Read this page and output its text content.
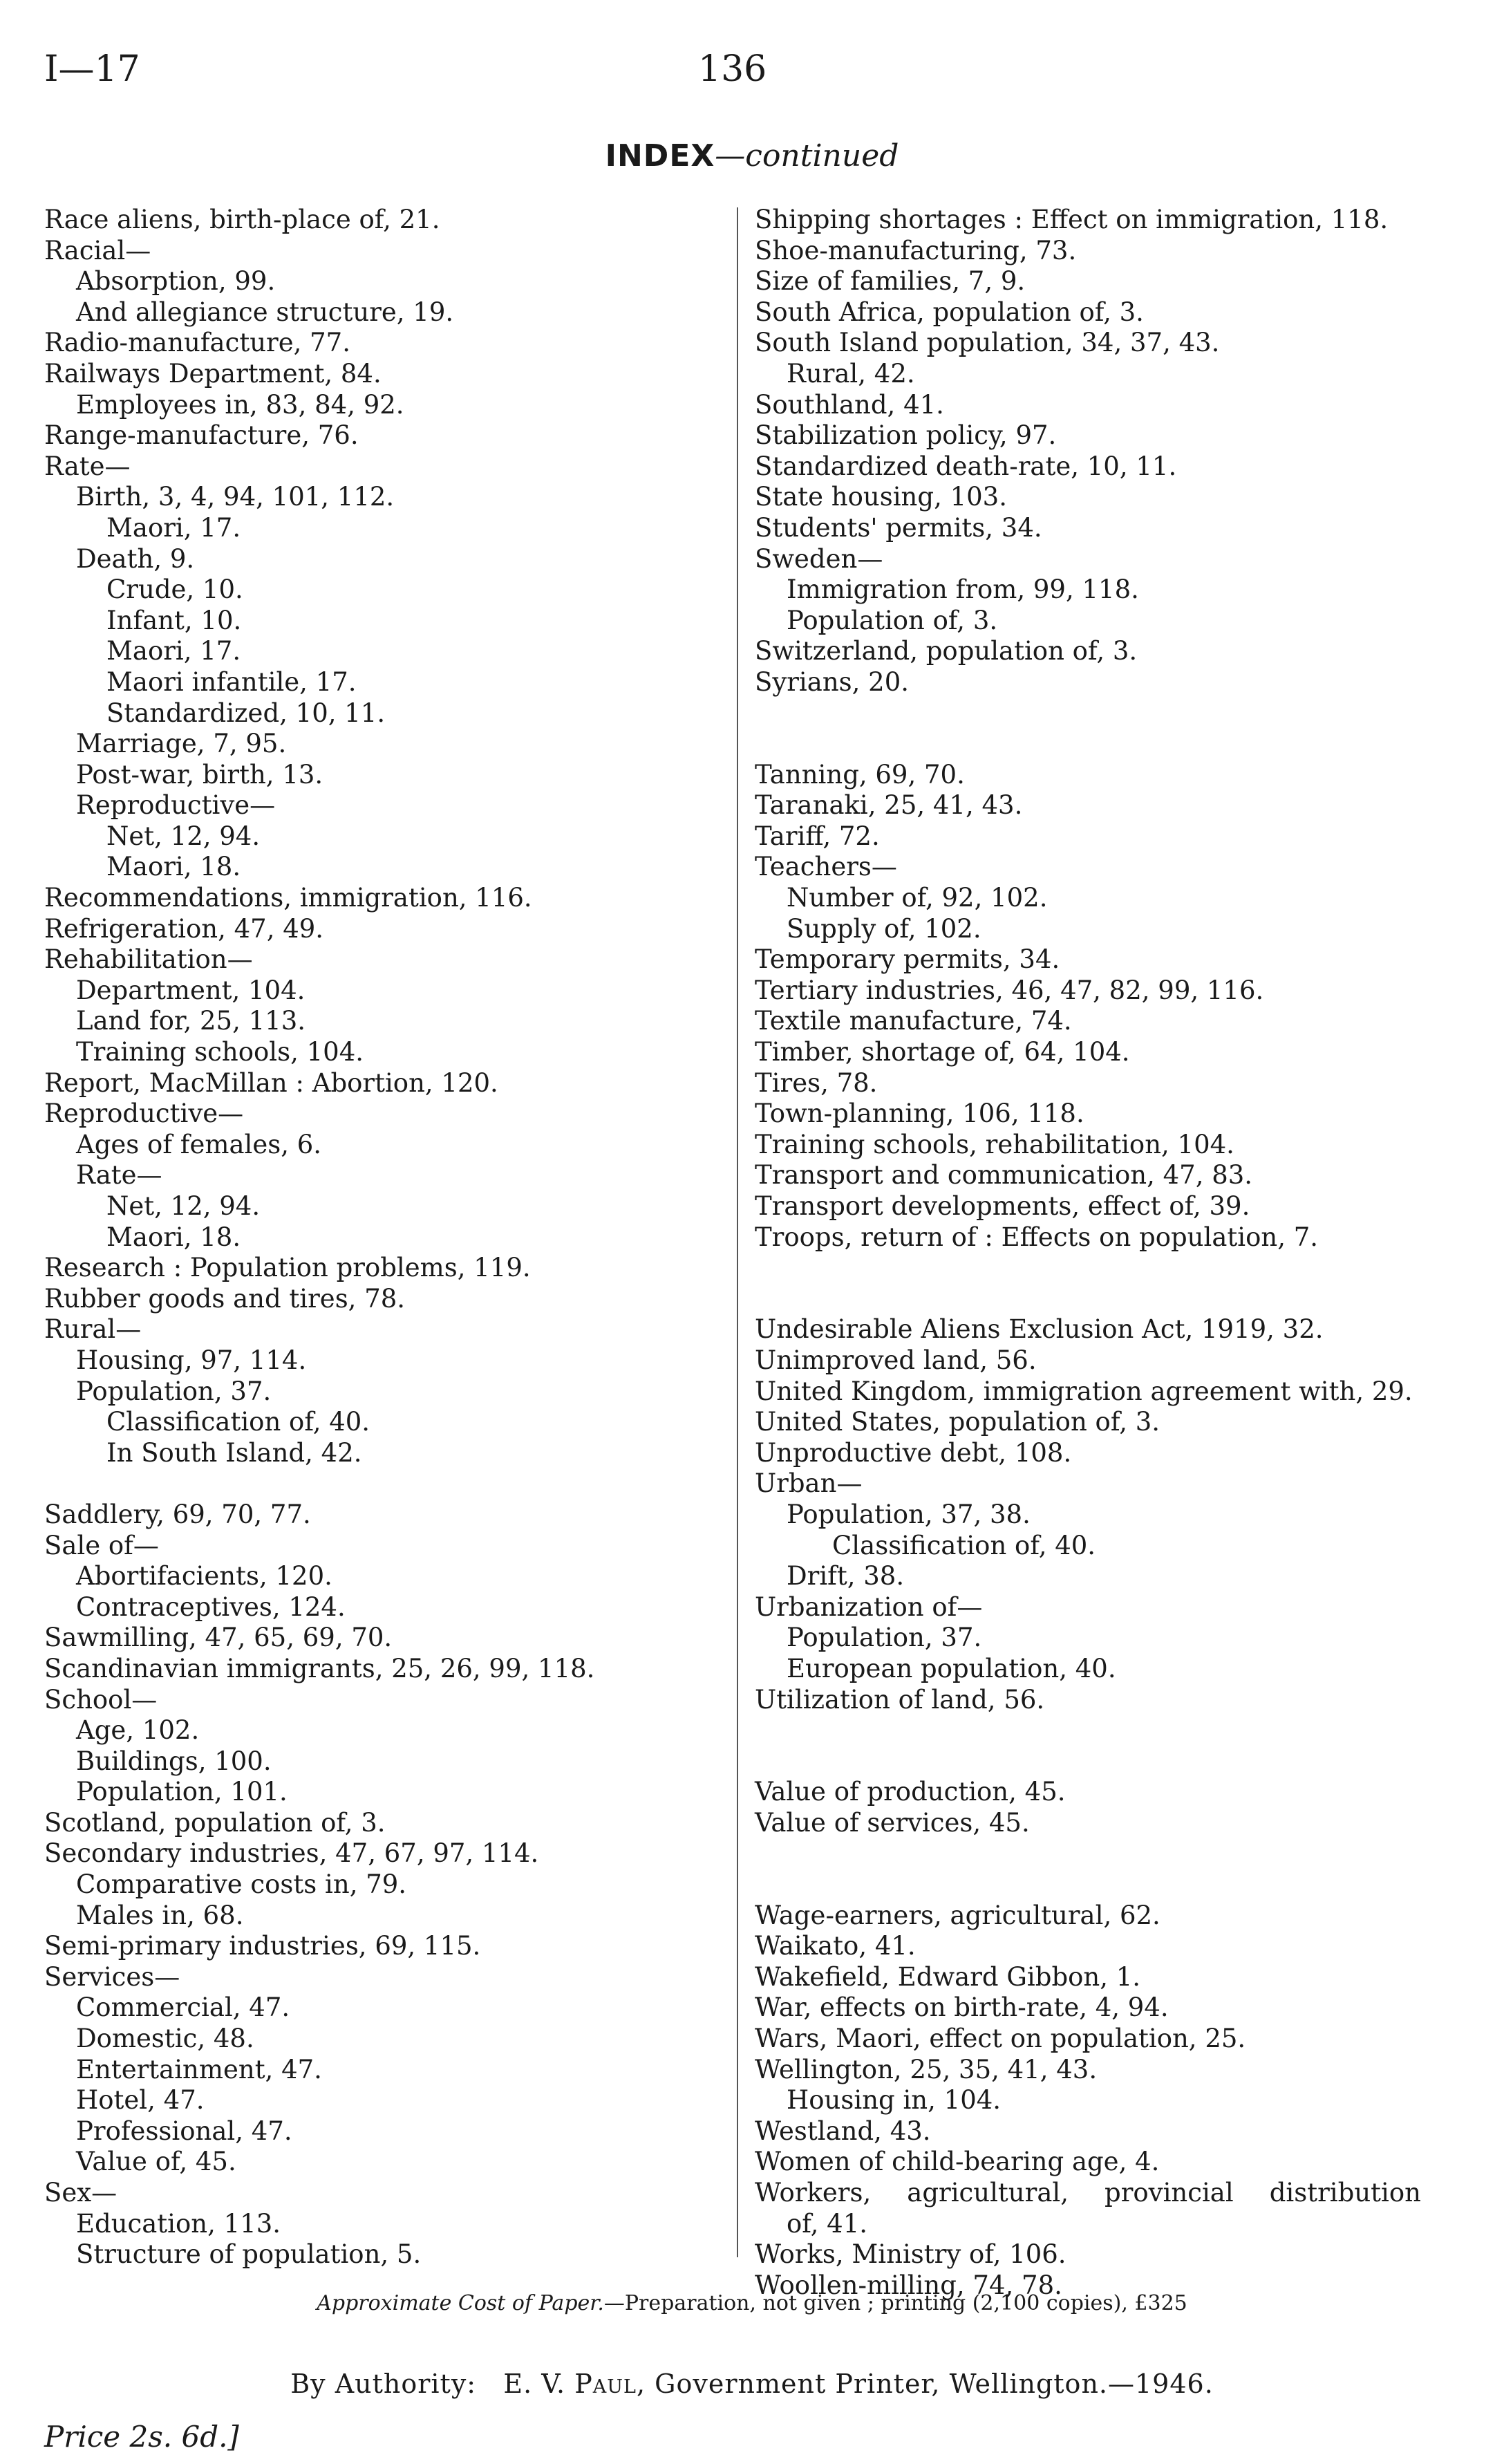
I—17	136
INDEX—continued
Race aliens, birth-place of, 21.
Racial—
Absorption, 99.
And allegiance structure, 19.
Radio-manufacture, 77.
Railways Department, 84.
Employees in, 83, 84, 92.
Range-manufacture, 76.
Rate—
Birth, 3, 4, 94, 101, 112.
Maori, 17.
Death, 9.
Crude, 10.
Infant, 10.
Maori, 17.
Maori infantile, 17.
Standardized, 10, 11.
Marriage, 7, 95.
Post-war, birth, 13.
Reproductive—
Net, 12, 94.
Maori, 18.
Recommendations, immigration, 116.
Refrigeration, 47, 49.
Rehabilitation—
Department, 104.
Land for, 25, 113.
Training schools, 104.
Report, MacMillan : Abortion, 120.
Reproductive—
Ages of females, 6.
Rate—
Net, 12, 94.
Maori, 18.
Research : Population problems, 119.
Rubber goods and tires, 78.
Rural—
Housing, 97, 114.
Population, 37.
Classification of, 40.
In South Island, 42.
Saddlery, 69, 70, 77.
Sale of—
Abortifacients, 120.
Contraceptives, 124.
Sawmilling, 47, 65, 69, 70.
Scandinavian immigrants, 25, 26, 99, 118.
School—
Age, 102.
Buildings, 100.
Population, 101.
Scotland, population of, 3.
Secondary industries, 47, 67, 97, 114.
Comparative costs in, 79.
Males in, 68.
Semi-primary industries, 69, 115.
Services—
Commercial, 47.
Domestic, 48.
Entertainment, 47.
Hotel, 47.
Professional, 47.
Value of, 45.
Sex—
Education, 113.
Structure of population, 5.
Shipping shortages : Effect on immigration, 118.
Shoe-manufacturing, 73.
Size of families, 7, 9.
South Africa, population of, 3.
South Island population, 34, 37, 43.
Rural, 42.
Southland, 41.
Stabilization policy, 97.
Standardized death-rate, 10, 11.
State housing, 103.
Students' permits, 34.
Sweden—
Immigration from, 99, 118.
Population of, 3.
Switzerland, population of, 3.
Syrians, 20.
Tanning, 69, 70.
Taranaki, 25, 41, 43.
Tariff, 72.
Teachers—
Number of, 92, 102.
Supply of, 102.
Temporary permits, 34.
Tertiary industries, 46, 47, 82, 99, 116.
Textile manufacture, 74.
Timber, shortage of, 64, 104.
Tires, 78.
Town-planning, 106, 118.
Training schools, rehabilitation, 104.
Transport and communication, 47, 83.
Transport developments, effect of, 39.
Troops, return of : Effects on population, 7.
Undesirable Aliens Exclusion Act, 1919, 32.
Unimproved land, 56.
United Kingdom, immigration agreement with, 29.
United States, population of, 3.
Unproductive debt, 108.
Urban—
Population, 37, 38.
Classification of, 40.
Drift, 38.
Urbanization of—
Population, 37.
European population, 40.
Utilization of land, 56.
Value of production, 45.
Value of services, 45.
Wage-earners, agricultural, 62.
Waikato, 41.
Wakefield, Edward Gibbon, 1.
War, effects on birth-rate, 4, 94.
Wars, Maori, effect on population, 25.
Wellington, 25, 35, 41, 43.
Housing in, 104.
Westland, 43.
Women of child-bearing age, 4.
Workers, agricultural, provincial distribution
of, 41.
Works, Ministry of, 106.
Woollen-milling, 74, 78.
Approximate Cost of Paper.—Preparation, not given ; printing (2,100 copies), £325
By Authority: E. V. Paul, Government Printer, Wellington.—1946.
Price 2s. 6d.]
